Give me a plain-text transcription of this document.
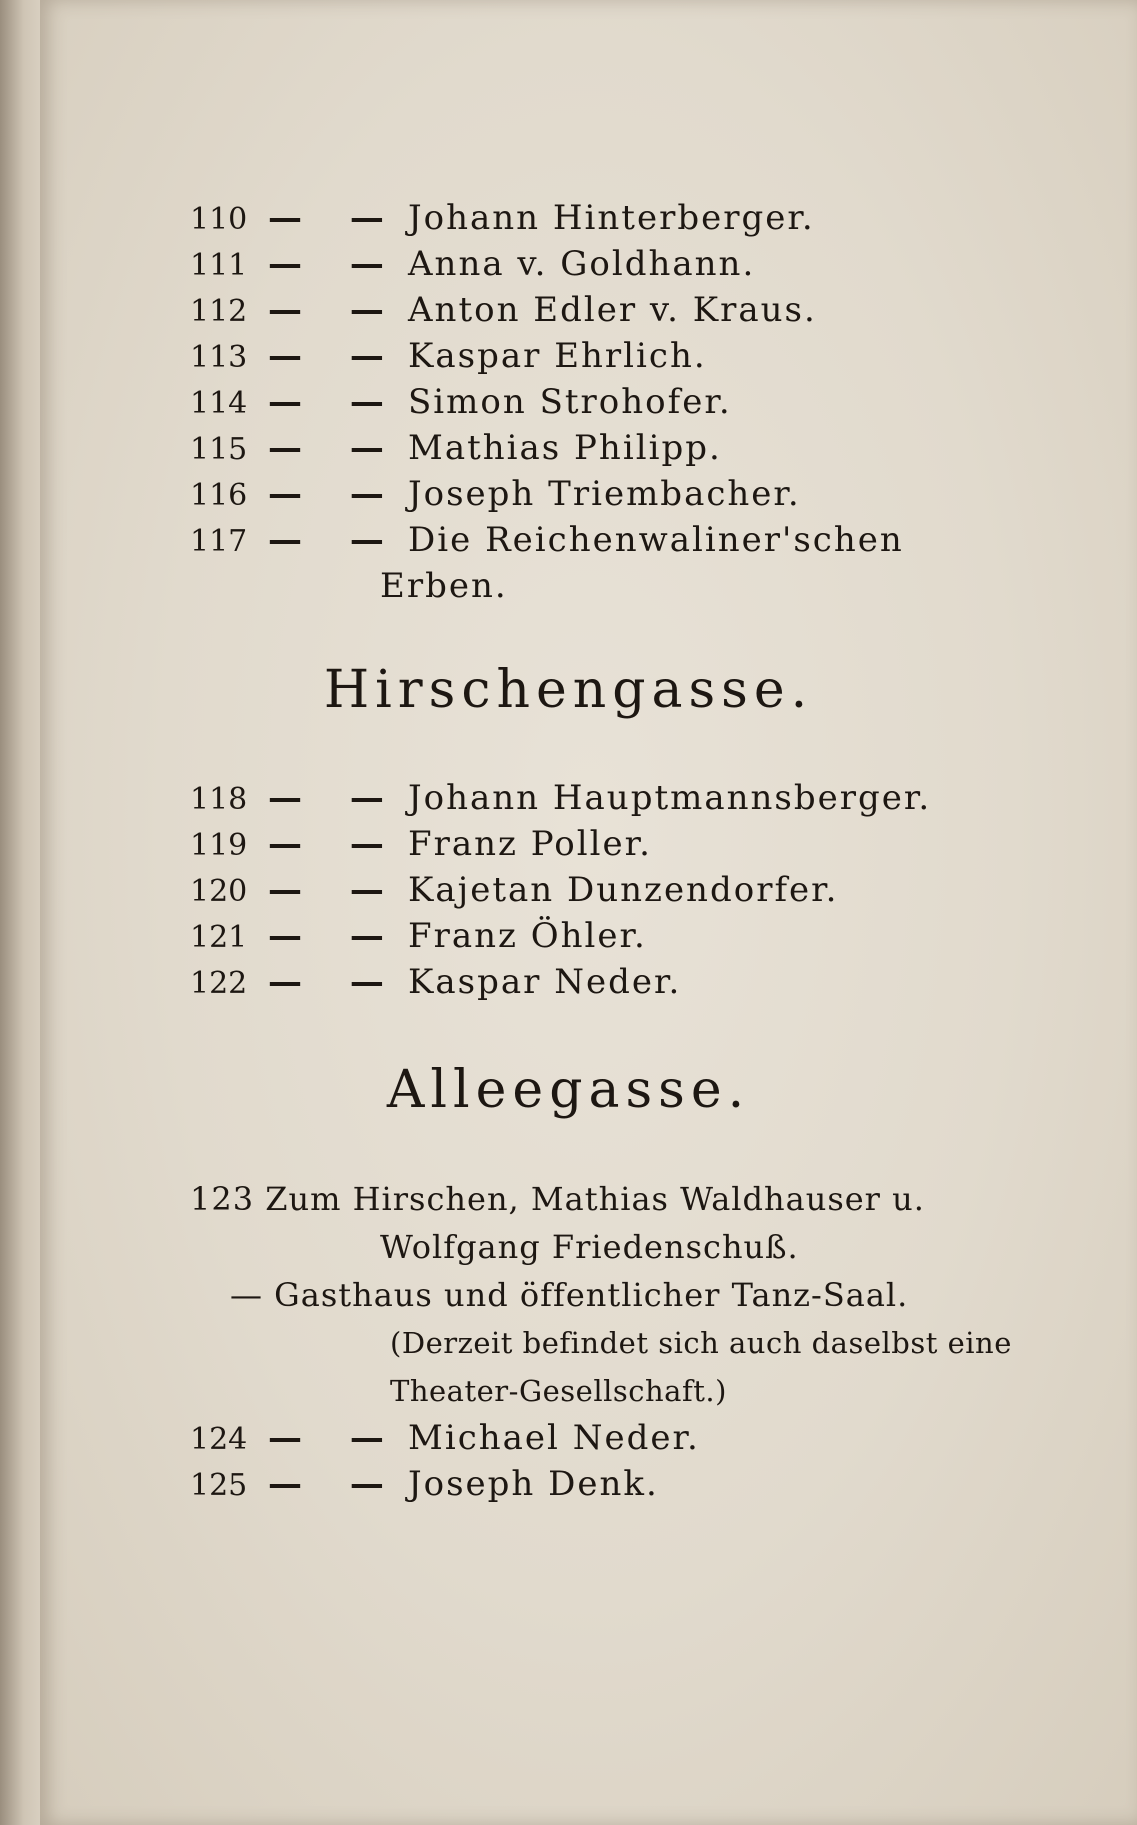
110 — — Johann Hinterberger.
111 — — Anna v. Goldhann.
112 — — Anton Edler v. Kraus.
113 — — Kaspar Ehrlich.
114 — — Simon Strohofer.
115 — — Mathias Philipp.
116 — — Joseph Triembacher.
117 — — Die Reichenwaliner'schen
Erben.
Hirschengasse.
118 — — Johann Hauptmannsberger.
119 — — Franz Poller.
120 — — Kajetan Dunzendorfer.
121 — — Franz Öhler.
122 — — Kaspar Neder.
Alleegasse.
123 Zum Hirschen, Mathias Waldhauser u.
Wolfgang Friedenschuß.
— Gasthaus und öffentlicher Tanz-Saal.
(Derzeit befindet sich auch daselbst eine
Theater-Gesellschaft.)
124 — — Michael Neder.
125 — — Joseph Denk.
